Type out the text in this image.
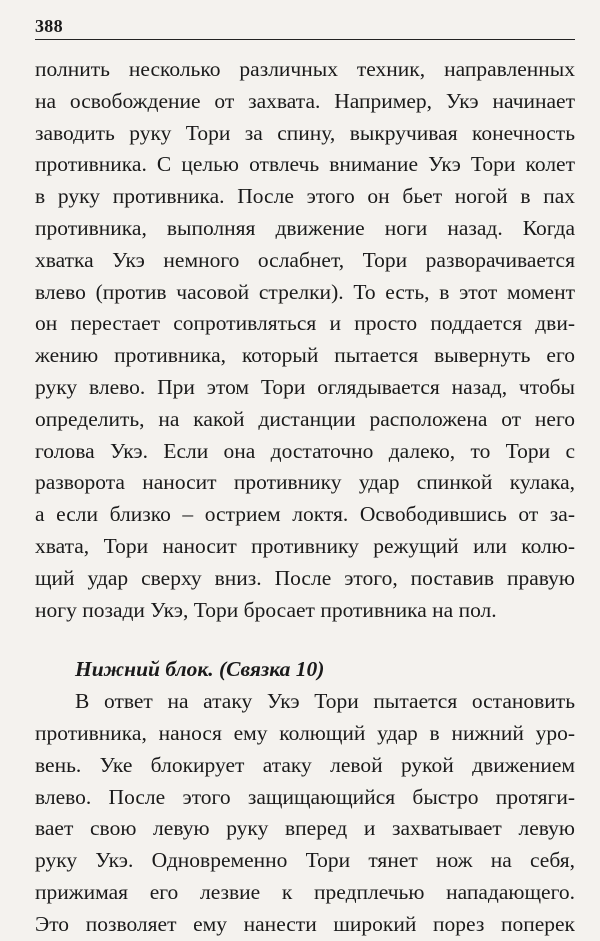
388
полнить несколько различных техник, направленных
на освобождение от захвата. Например, Укэ начинает
заводить руку Тори за спину, выкручивая конечность
противника. С целью отвлечь внимание Укэ Тори колет
в руку противника. После этого он бьет ногой в пах
противника, выполняя движение ноги назад. Когда
хватка Укэ немного ослабнет, Тори разворачивается
влево (против часовой стрелки). То есть, в этот момент
он перестает сопротивляться и просто поддается дви-
жению противника, который пытается вывернуть его
руку влево. При этом Тори оглядывается назад, чтобы
определить, на какой дистанции расположена от него
голова Укэ. Если она достаточно далеко, то Тори с
разворота наносит противнику удар спинкой кулака,
а если близко – острием локтя. Освободившись от за-
хвата, Тори наносит противнику режущий или колю-
щий удар сверху вниз. После этого, поставив правую
ногу позади Укэ, Тори бросает противника на пол.
Нижний блок. (Связка 10)
В ответ на атаку Укэ Тори пытается остановить
противника, нанося ему колющий удар в нижний уро-
вень. Уке блокирует атаку левой рукой движением
влево. После этого защищающийся быстро протяги-
вает свою левую руку вперед и захватывает левую
руку Укэ. Одновременно Тори тянет нож на себя,
прижимая его лезвие к предплечью нападающего.
Это позволяет ему нанести широкий порез поперек
